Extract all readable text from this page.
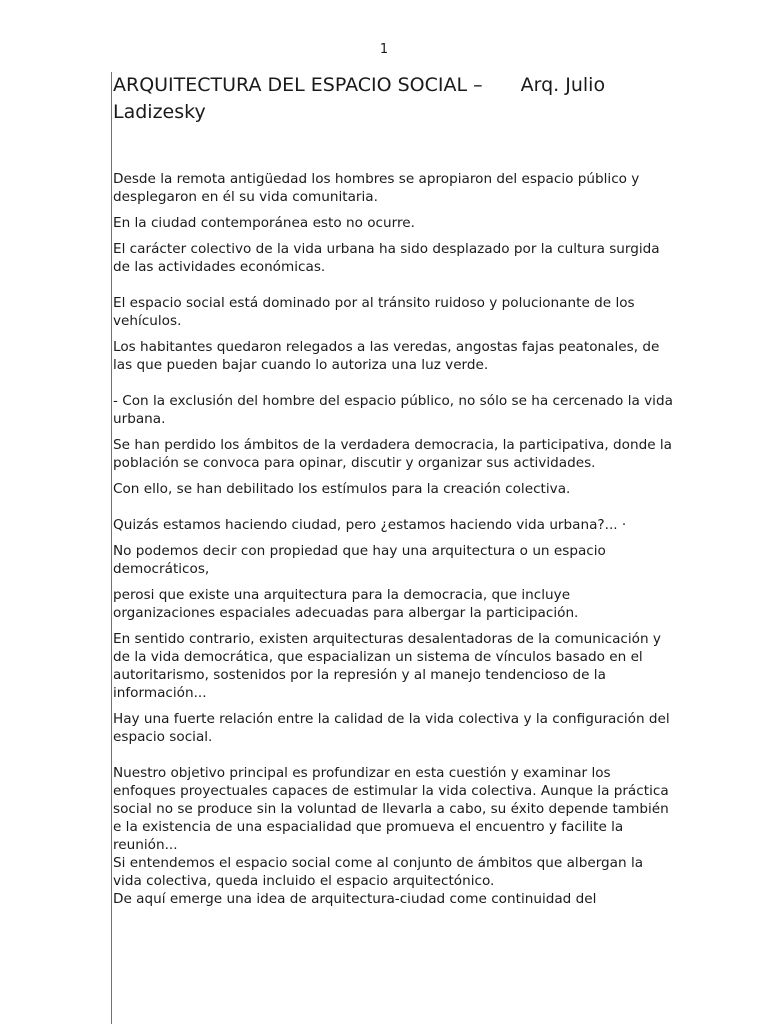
1
ARQUITECTURA DEL ESPACIO SOCIAL – Arq. Julio Ladizesky

Desde la remota antigüedad los hombres se apropiaron del espacio público y desplegaron en él su vida comunitaria.

En la ciudad contemporánea esto no ocurre.

El carácter colectivo de la vida urbana ha sido desplazado por la cultura surgida de las actividades económicas.

El espacio social está dominado por al tránsito ruidoso y polucionante de los vehículos.

Los habitantes quedaron relegados a las veredas, angostas fajas peatonales, de las que pueden bajar cuando lo autoriza una luz verde.

- Con la exclusión del hombre del espacio público, no sólo se ha cercenado la vida urbana.

Se han perdido los ámbitos de la verdadera democracia, la participativa, donde la población se convoca para opinar, discutir y organizar sus actividades.

Con ello, se han debilitado los estímulos para la creación colectiva.

Quizás estamos haciendo ciudad, pero ¿estamos haciendo vida urbana?... ·

No podemos decir con propiedad que hay una arquitectura o un espacio democráticos,

perosi que existe una arquitectura para la democracia, que incluye organizaciones espaciales adecuadas para albergar la participación.

En sentido contrario, existen arquitecturas desalentadoras de la comunicación y de la vida democrática, que espacializan un sistema de vínculos basado en el autoritarismo, sostenidos por la represión y al manejo tendencioso de la información...

Hay una fuerte relación entre la calidad de la vida colectiva y la configuración del espacio social.

Nuestro objetivo principal es profundizar en esta cuestión y examinar los enfoques proyectuales capaces de estimular la vida colectiva. Aunque la práctica social no se produce sin la voluntad de llevarla a cabo, su éxito depende también e la existencia de una espacialidad que promueva el encuentro y facilite la reunión...

Si entendemos el espacio social come al conjunto de ámbitos que albergan la vida colectiva, queda incluido el espacio arquitectónico.

De aquí emerge una idea de arquitectura-ciudad come continuidad del
